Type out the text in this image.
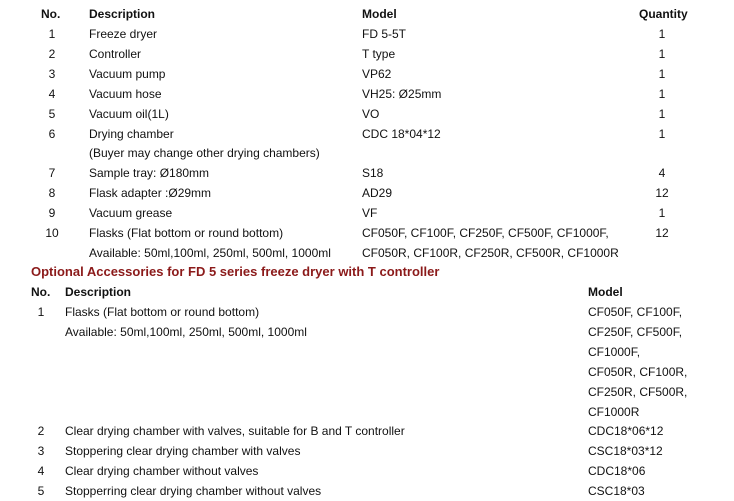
No. Description	Model	Quantity
1	Freeze dryer	FD 5-5T	1
2	Controller	T type	1
3	Vacuum pump	VP62	1
4	Vacuum hose	VH25: Ø25mm	1
5	Vacuum oil(1L)	VO	1
6	Drying chamber	CDC 18*04*12	1
(Buyer may change other drying chambers)
7	Sample tray: Ø180mm	S18	4
8	Flask adapter :Ø29mm	AD29	12
9	Vacuum grease	VF	1
10	Flasks (Flat bottom or round bottom)	CF050F, CF100F, CF250F, CF500F, CF1000F,	12
Available: 50ml,100ml, 250ml, 500ml, 1000ml	CF050R, CF100R, CF250R, CF500R, CF1000R
Optional Accessories for FD 5 series freeze dryer with T controller
No. Description	Model
1	Flasks (Flat bottom or round bottom)	CF050F, CF100F,
Available: 50ml,100ml, 250ml, 500ml, 1000ml	CF250F, CF500F,
CF1000F,
CF050R, CF100R,
CF250R, CF500R,
CF1000R
2	Clear drying chamber with valves, suitable for B and T controller	CDC18*06*12
3	Stoppering clear drying chamber with valves	CSC18*03*12
4	Clear drying chamber without valves	CDC18*06
5	Stopperring clear drying chamber without valves	CSC18*03
